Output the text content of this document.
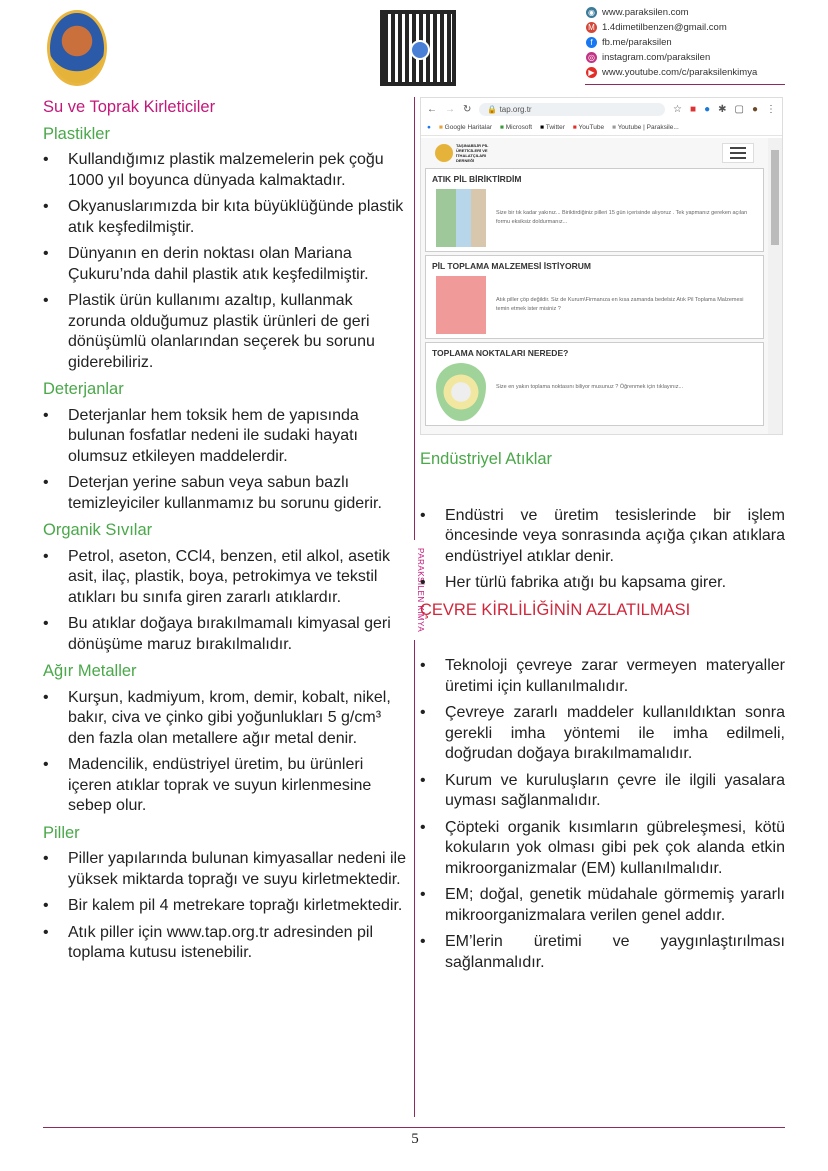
◉ www.paraksilen.com
M 1.4dimetilbenzen@gmail.com
f fb.me/paraksilen
◎ instagram.com/paraksilen
▶ www.youtube.com/c/paraksilenkimya
Su ve Toprak Kirleticiler
Plastikler
• Kullandığımız plastik malzemelerin pek çoğu 1000 yıl boyunca dünyada kalmaktadır.
• Okyanuslarımızda bir kıta büyüklüğünde plastik atık keşfedilmiştir.
• Dünyanın en derin noktası olan Mariana Çukuru’nda dahil plastik atık keşfedilmiştir.
• Plastik ürün kullanımı azaltıp, kullanmak zorunda olduğumuz plastik ürünleri de geri dönüşümlü olanlarından seçerek bu sorunu giderebiliriz.
Deterjanlar
• Deterjanlar hem toksik hem de yapısında bulunan fosfatlar nedeni ile sudaki hayatı olumsuz etkileyen maddelerdir.
• Deterjan yerine sabun veya sabun bazlı temizleyiciler kullanmamız bu sorunu giderir.
Organik Sıvılar
• Petrol, aseton, CCl4, benzen, etil alkol, asetik asit, ilaç, plastik, boya, petrokimya ve tekstil atıkları bu sınıfa giren zararlı atıklardır.
• Bu atıklar doğaya bırakılmamalı kimyasal geri dönüşüme maruz bırakılmalıdır.
Ağır Metaller
• Kurşun, kadmiyum, krom, demir, kobalt, nikel, bakır, civa ve çinko gibi yoğunlukları 5 g/cm³ den fazla olan metallere ağır metal denir.
• Madencilik, endüstriyel üretim, bu ürünleri içeren atıklar toprak ve suyun kirlenmesine sebep olur.
Piller
• Piller yapılarında bulunan kimyasallar nedeni ile yüksek miktarda toprağı ve suyu kirletmektedir.
• Bir kalem pil 4 metrekare toprağı kirletmektedir.
• Atık piller için www.tap.org.tr adresinden pil toplama kutusu istenebilir.
PARAKSİLEN KİMYA
← → ↻	🔒 tap.org.tr	☆ ■ ● ✱ ▢ ● ⋮
● ■ Google Haritalar ■ Microsoft ■ Twitter ■ YouTube ■ Youtube | Paraksile...
TAŞINABİLİR PİL ÜRETİCİLERİ VE İTHALATÇILARI DERNEĞİ
ATIK PİL BİRİKTİRDİM
Size bir tık kadar yakınız... Biriktirdiğiniz pilleri 15 gün içerisinde alıyoruz . Tek yapmanız gereken açılan formu eksiksiz doldurmanız...
PİL TOPLAMA MALZEMESİ İSTİYORUM
Atık piller çöp değildir. Siz de Kurum\Firmanıza en kısa zamanda bedelsiz Atık Pil Toplama Malzemesi temin etmek ister misiniz ?
TOPLAMA NOKTALARI NEREDE?
Size en yakın toplama noktasını biliyor musunuz ? Öğrenmek için tıklayınız...
Endüstriyel Atıklar
• Endüstri ve üretim tesislerinde bir işlem öncesinde veya sonrasında açığa çıkan atıklara endüstriyel atıklar denir.
• Her türlü fabrika atığı bu kapsama girer.
ÇEVRE KİRLİLİĞİNİN AZLATILMASI
• Teknoloji çevreye zarar vermeyen materyaller üretimi için kullanılmalıdır.
• Çevreye zararlı maddeler kullanıldıktan sonra gerekli imha yöntemi ile imha edilmeli, doğrudan doğaya bırakılmamalıdır.
• Kurum ve kuruluşların çevre ile ilgili yasalara uyması sağlanmalıdır.
• Çöpteki organik kısımların gübreleşmesi, kötü kokuların yok olması gibi pek çok alanda etkin mikroorganizmalar (EM) kullanılmalıdır.
• EM; doğal, genetik müdahale görmemiş yararlı mikroorganizmalara verilen genel addır.
• EM’lerin üretimi ve yaygınlaştırılması sağlanmalıdır.
5
